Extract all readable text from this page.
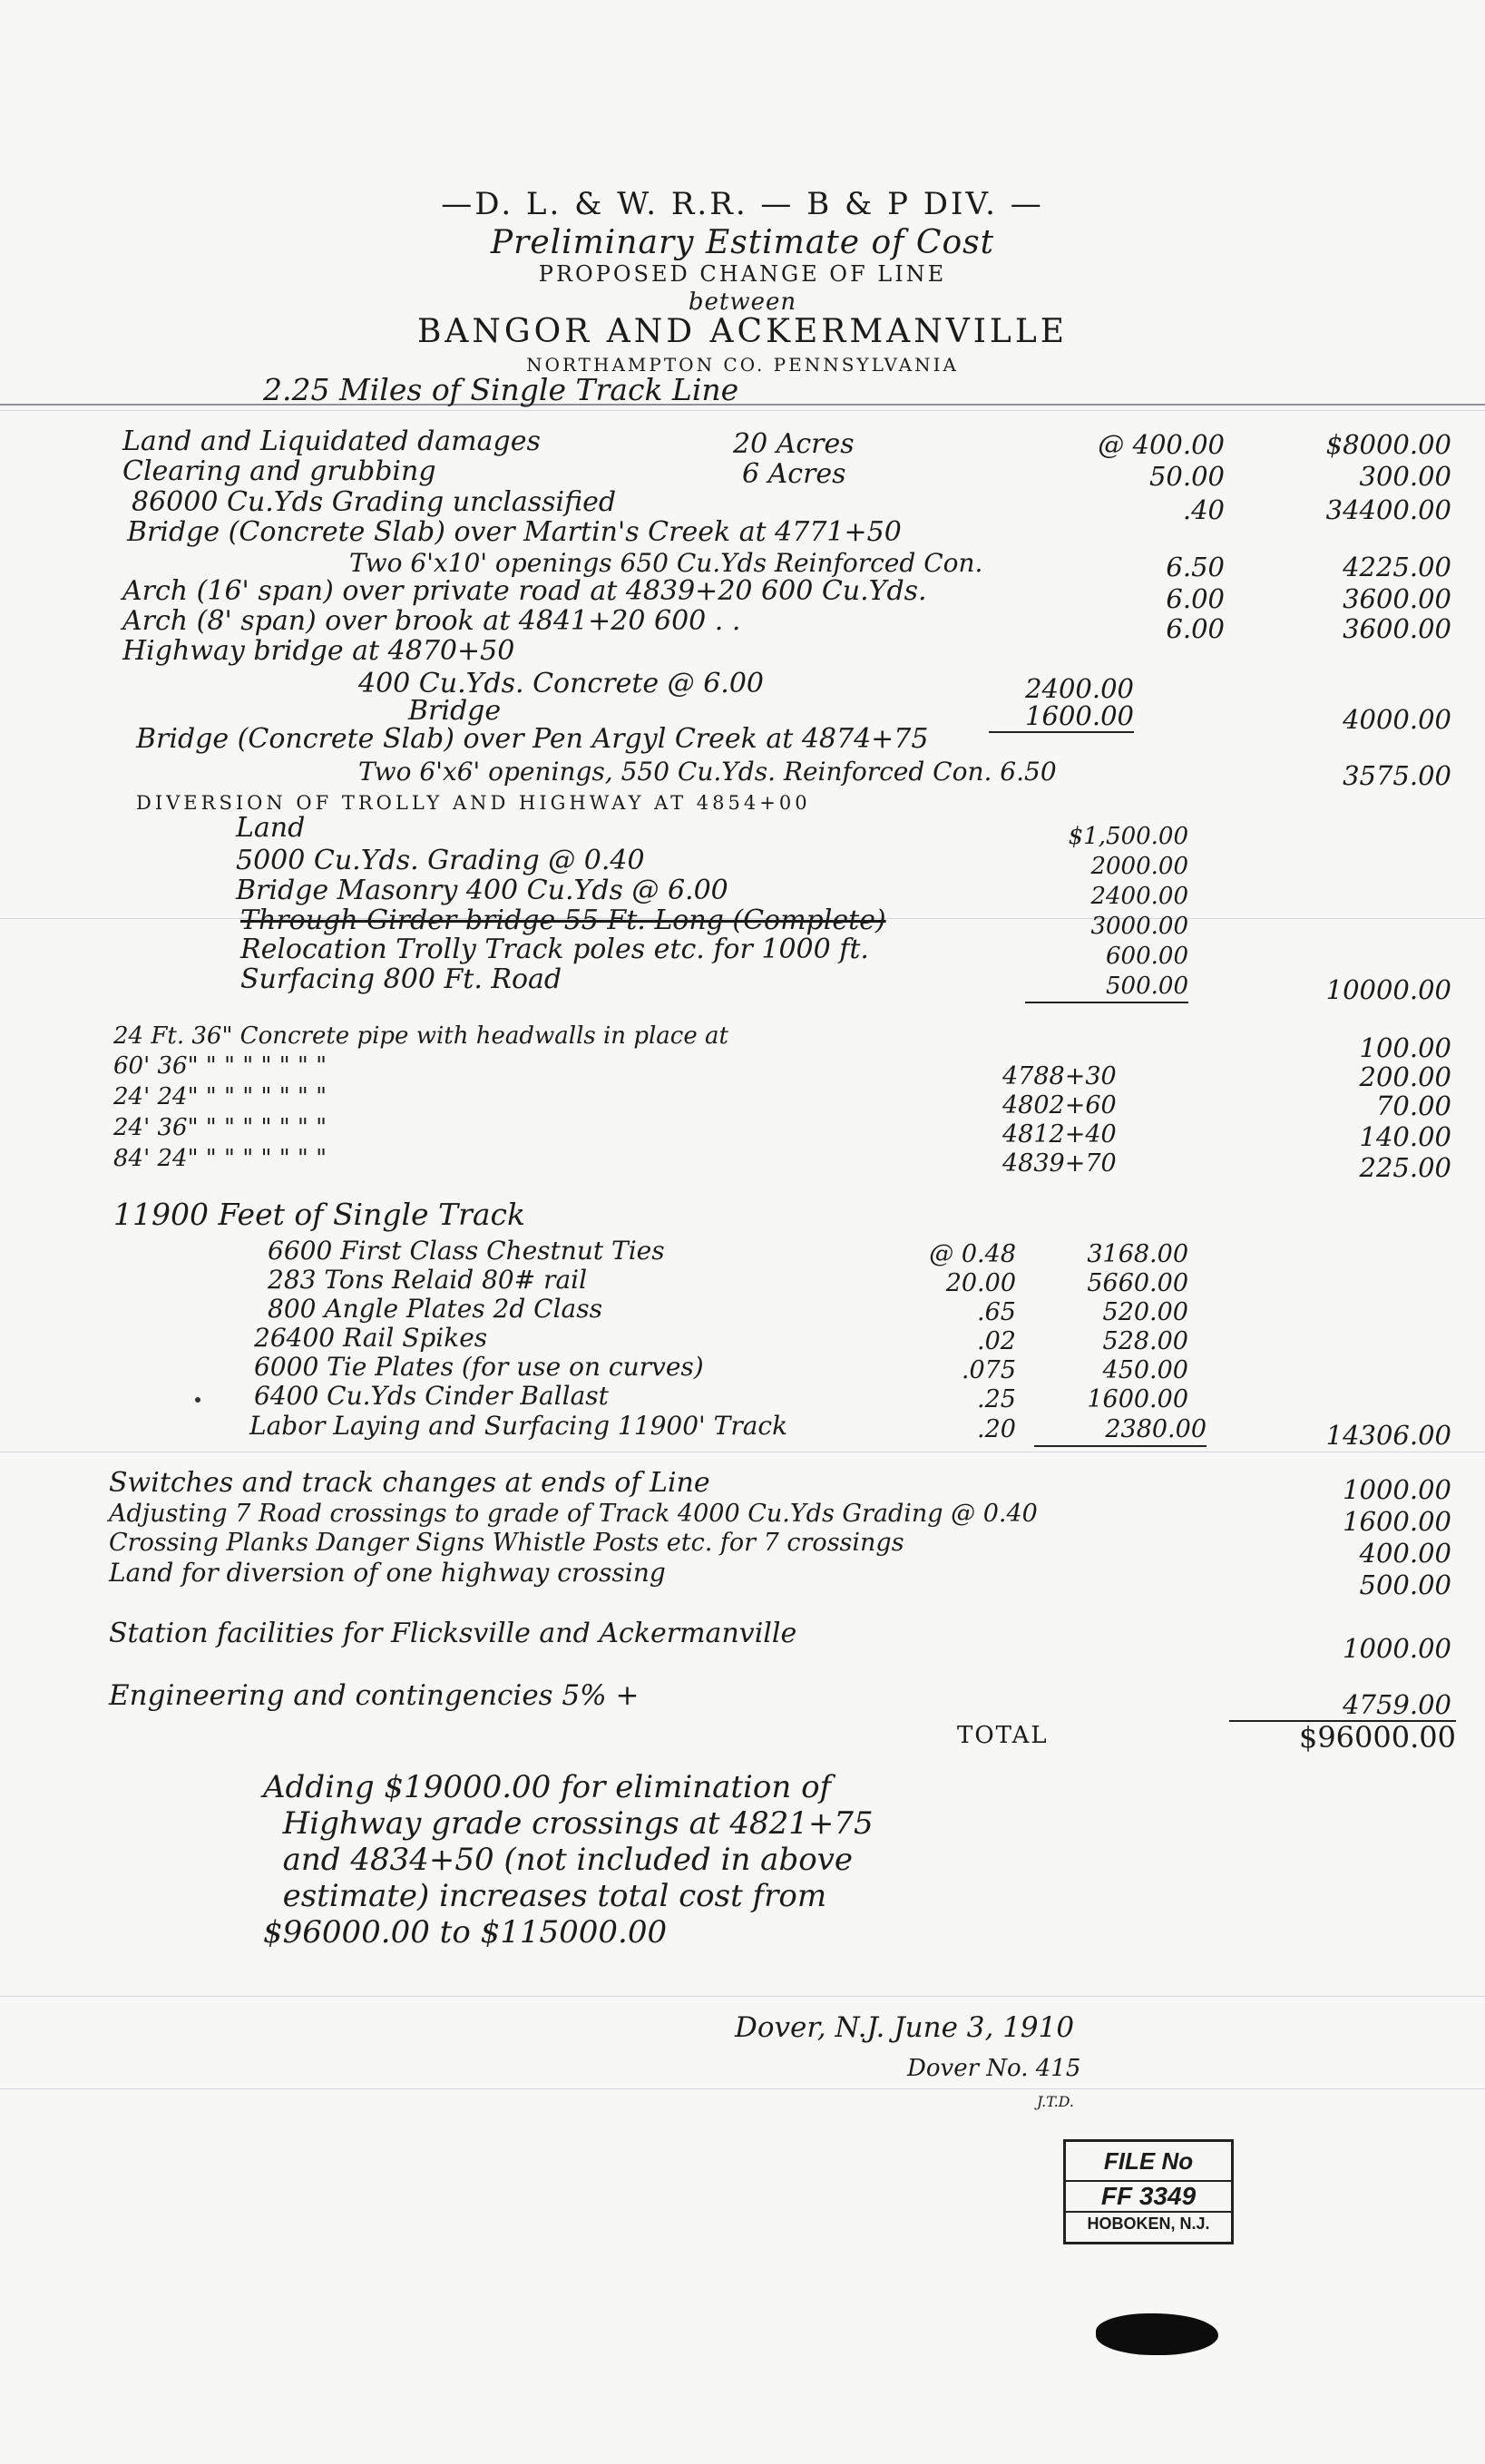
—D. L. & W. R.R. — B & P DIV. —
Preliminary Estimate of Cost
PROPOSED CHANGE OF LINE
between
BANGOR AND ACKERMANVILLE
NORTHAMPTON CO. PENNSYLVANIA
2.25 Miles of Single Track Line
Land and Liquidated damages	20 Acres	@ 400.00	$8000.00
Clearing and grubbing	6 Acres	50.00	300.00
86000 Cu.Yds Grading unclassified	.40	34400.00
Bridge (Concrete Slab) over Martin's Creek at 4771+50
Two 6'x10' openings 650 Cu.Yds Reinforced Con.	6.50	4225.00
Arch (16' span) over private road at 4839+20 600 Cu.Yds.	6.00	3600.00
Arch (8' span) over brook at 4841+20 600 . .	6.00	3600.00
Highway bridge at 4870+50
400 Cu.Yds. Concrete @ 6.00	2400.00
Bridge	1600.00	4000.00
Bridge (Concrete Slab) over Pen Argyl Creek at 4874+75
Two 6'x6' openings, 550 Cu.Yds. Reinforced Con. 6.50	3575.00
DIVERSION OF TROLLY AND HIGHWAY AT 4854+00
Land	$1,500.00
5000 Cu.Yds. Grading @ 0.40	2000.00
Bridge Masonry 400 Cu.Yds @ 6.00	2400.00
Through Girder bridge 55 Ft. Long (Complete)	3000.00
Relocation Trolly Track poles etc. for 1000 ft.	600.00
Surfacing 800 Ft. Road	500.00	10000.00
24 Ft. 36" Concrete pipe with headwalls in place at	100.00
60' 36" " " " " " " "	4788+30	200.00
24' 24" " " " " " " "	4802+60	70.00
24' 36" " " " " " " "	4812+40	140.00
84' 24" " " " " " " "	4839+70	225.00
11900 Feet of Single Track
6600 First Class Chestnut Ties	@ 0.48	3168.00
283 Tons Relaid 80# rail	20.00	5660.00
800 Angle Plates 2d Class	.65	520.00
26400 Rail Spikes	.02	528.00
6000 Tie Plates (for use on curves)	.075	450.00
6400 Cu.Yds Cinder Ballast	.25	1600.00
Labor Laying and Surfacing 11900' Track	.20	2380.00	14306.00
Switches and track changes at ends of Line	1000.00
Adjusting 7 Road crossings to grade of Track 4000 Cu.Yds Grading @ 0.40	1600.00
Crossing Planks Danger Signs Whistle Posts etc. for 7 crossings	400.00
Land for diversion of one highway crossing	500.00
Station facilities for Flicksville and Ackermanville	1000.00
Engineering and contingencies 5% +	4759.00
TOTAL	$96000.00
Adding $19000.00 for elimination of
Highway grade crossings at 4821+75
and 4834+50 (not included in above
estimate) increases total cost from
$96000.00 to $115000.00
Dover, N.J. June 3, 1910
Dover No. 415
J.T.D.
FILE No
FF 3349
HOBOKEN, N.J.
